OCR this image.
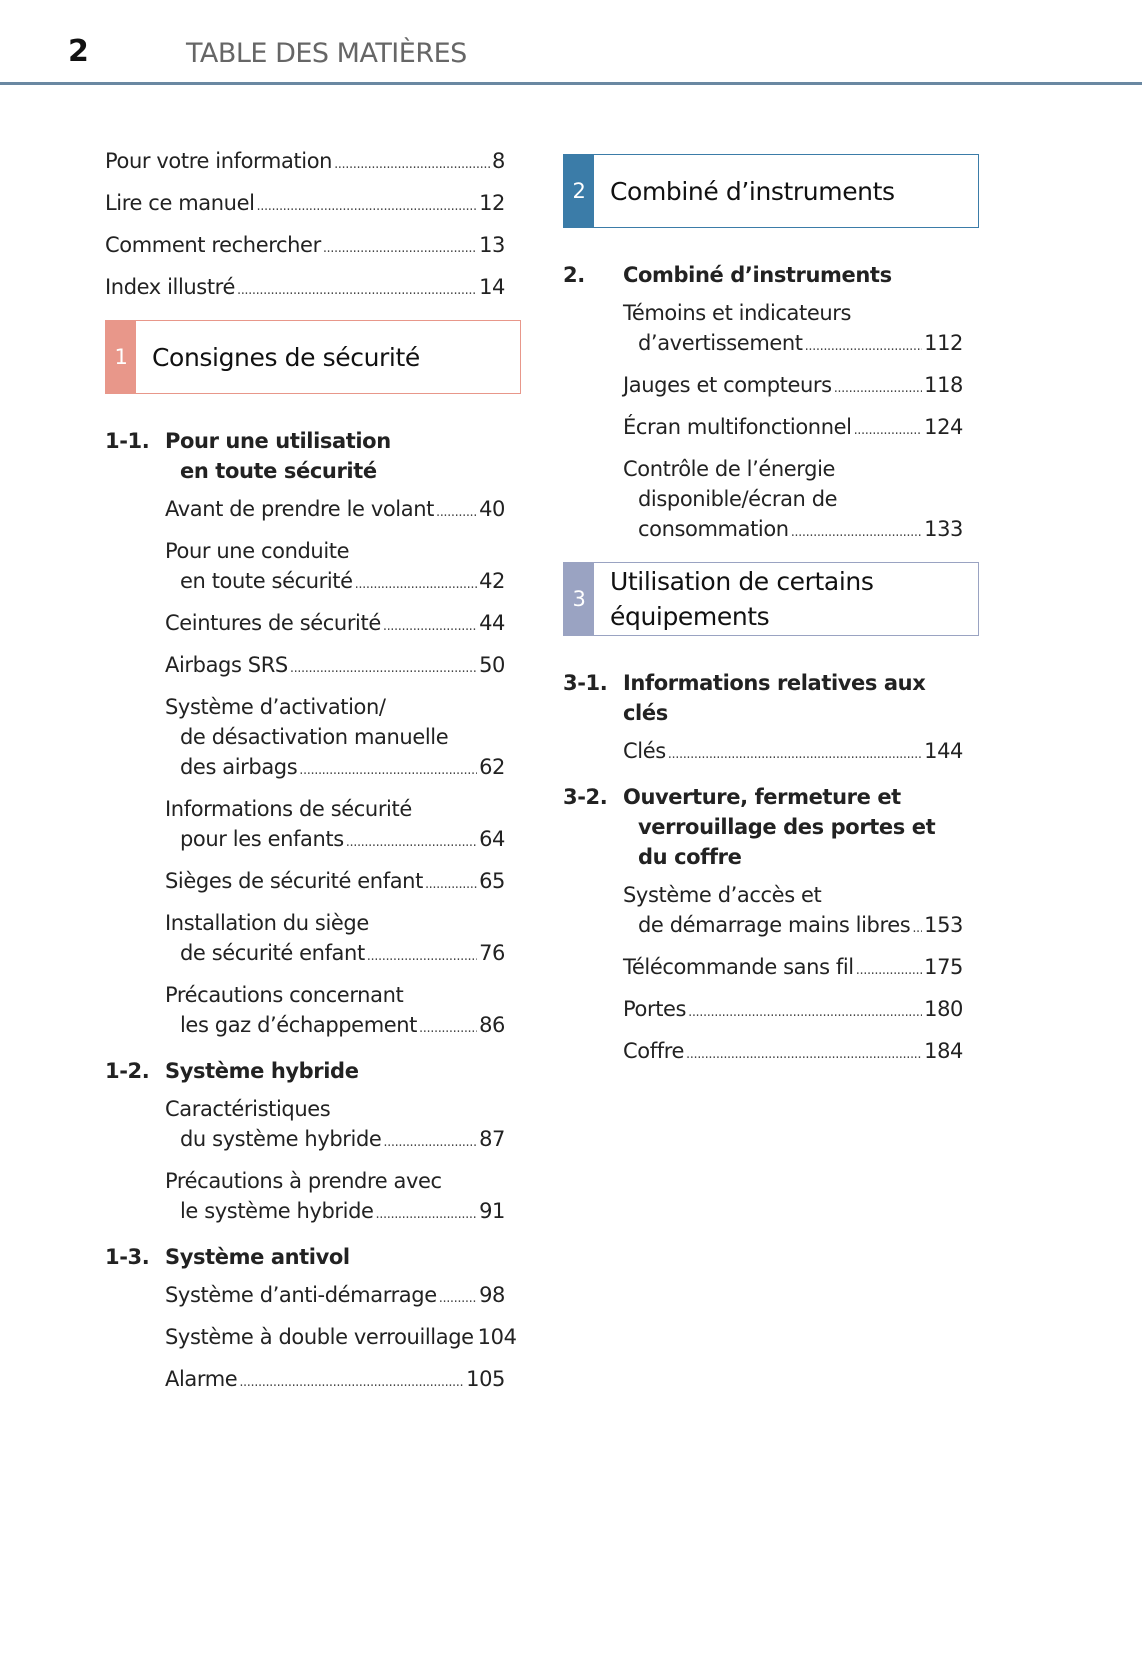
2	TABLE DES MATIÈRES
Pour votre information .....	8
Lire ce manuel .....	12
Comment rechercher .....	13
Index illustré .....	14
1 Consignes de sécurité
1-1. Pour une utilisation
en toute sécurité
Avant de prendre le volant ..... 40
Pour une conduite
en toute sécurité .....	42
Ceintures de sécurité .....	44
Airbags SRS .....	50
Système d’activation/
de désactivation manuelle
des airbags .....	62
Informations de sécurité
pour les enfants .....	64
Sièges de sécurité enfant .....	65
Installation du siège
de sécurité enfant .....	76
Précautions concernant
les gaz d’échappement .....	86
1-2. Système hybride
Caractéristiques
du système hybride .....	87
Précautions à prendre avec
le système hybride .....	91
1-3. Système antivol
Système d’anti-démarrage ..... 98
Système à double verrouillage 104
Alarme .....	105
2 Combiné d’instruments
2.	Combiné d’instruments
Témoins et indicateurs
d’avertissement .....	112
Jauges et compteurs .....	118
Écran multifonctionnel .....	124
Contrôle de l’énergie
disponible/écran de
consommation .....	133
3
Utilisation de certains
équipements
3-1. Informations relatives aux clés
Clés .....	144
3-2. Ouverture, fermeture et
verrouillage des portes et
du coffre
Système d’accès et
de démarrage mains libres ..... 153
Télécommande sans fil .....	175
Portes .....	180
Coffre .....	184
